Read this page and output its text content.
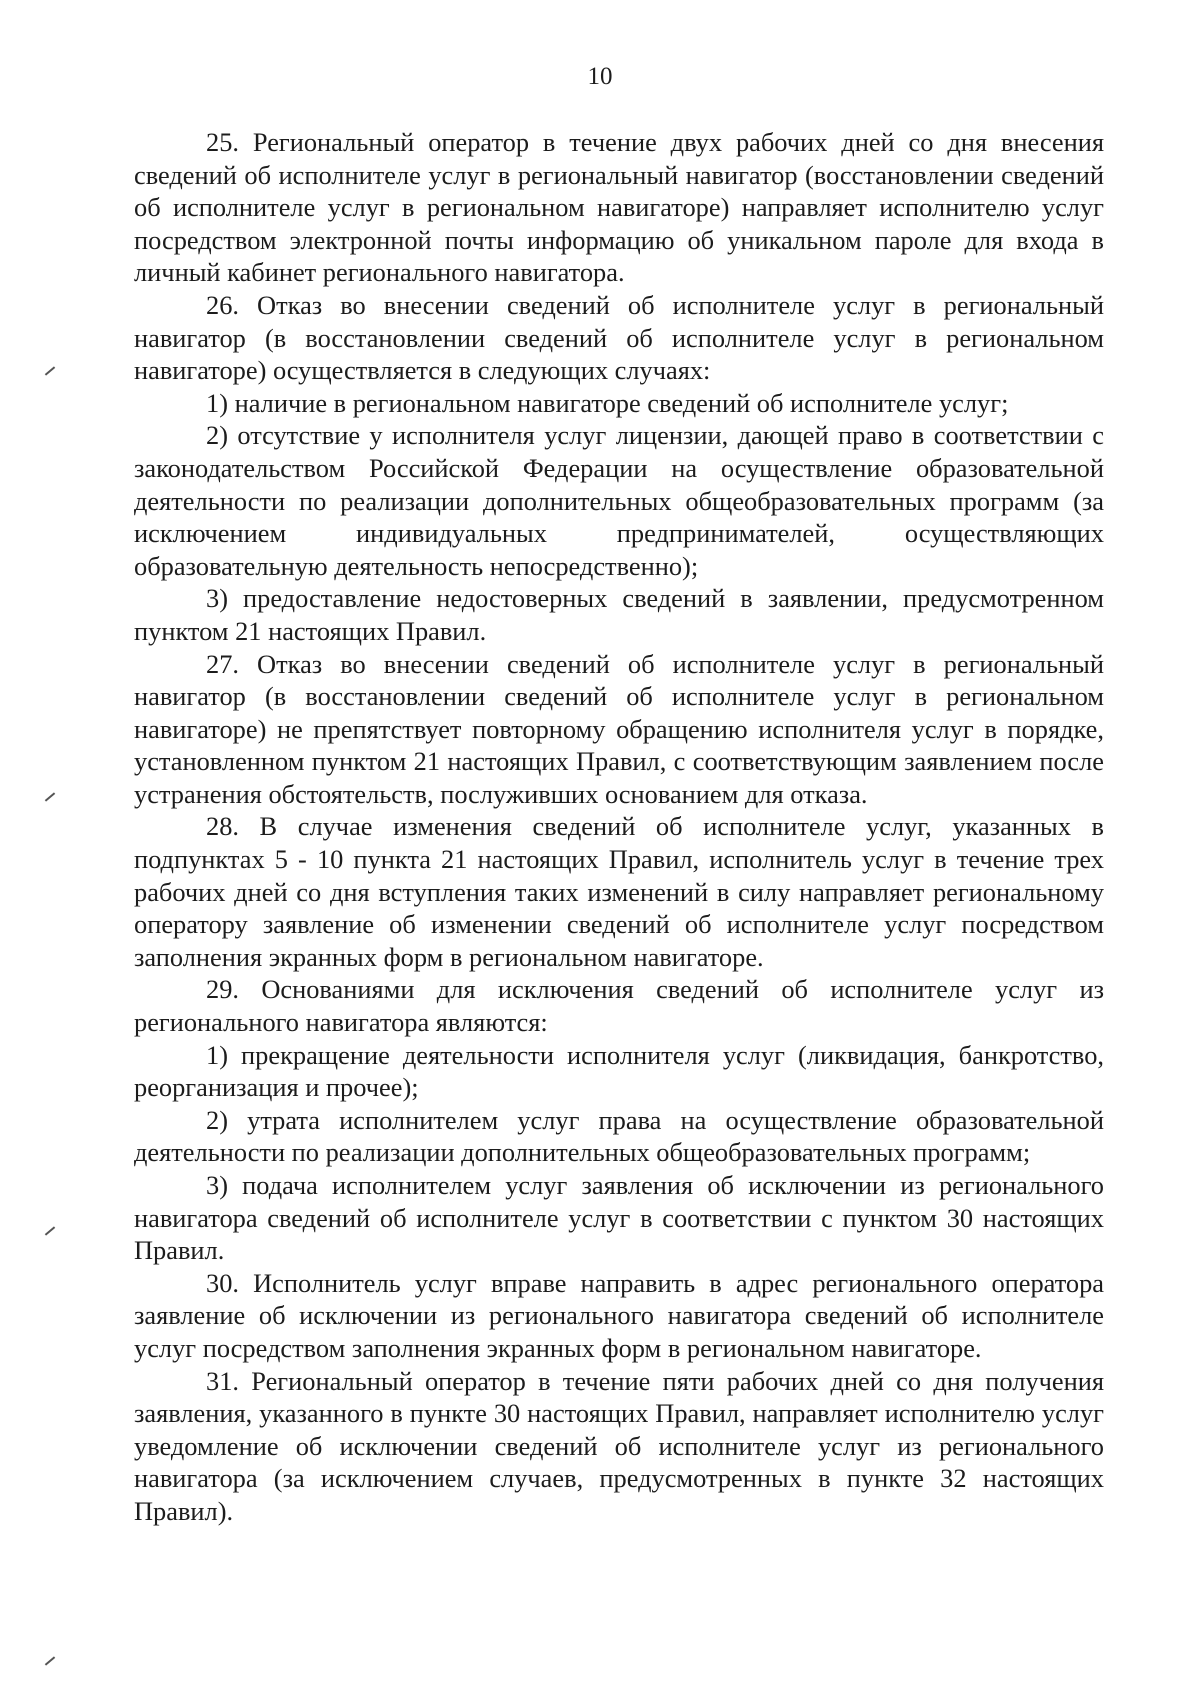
10

25. Региональный оператор в течение двух рабочих дней со дня внесения сведений об исполнителе услуг в региональный навигатор (восстановлении сведений об исполнителе услуг в региональном навигаторе) направляет исполнителю услуг посредством электронной почты информацию об уникальном пароле для входа в личный кабинет регионального навигатора.

26. Отказ во внесении сведений об исполнителе услуг в региональный навигатор (в восстановлении сведений об исполнителе услуг в региональном навигаторе) осуществляется в следующих случаях:

1) наличие в региональном навигаторе сведений об исполнителе услуг;

2) отсутствие у исполнителя услуг лицензии, дающей право в соответствии с законодательством Российской Федерации на осуществление образовательной деятельности по реализации дополнительных общеобразовательных программ (за исключением индивидуальных предпринимателей, осуществляющих образовательную деятельность непосредственно);

3) предоставление недостоверных сведений в заявлении, предусмотренном пунктом 21 настоящих Правил.

27. Отказ во внесении сведений об исполнителе услуг в региональный навигатор (в восстановлении сведений об исполнителе услуг в региональном навигаторе) не препятствует повторному обращению исполнителя услуг в порядке, установленном пунктом 21 настоящих Правил, с соответствующим заявлением после устранения обстоятельств, послуживших основанием для отказа.

28. В случае изменения сведений об исполнителе услуг, указанных в подпунктах 5 - 10 пункта 21 настоящих Правил, исполнитель услуг в течение трех рабочих дней со дня вступления таких изменений в силу направляет региональному оператору заявление об изменении сведений об исполнителе услуг посредством заполнения экранных форм в региональном навигаторе.

29. Основаниями для исключения сведений об исполнителе услуг из регионального навигатора являются:

1) прекращение деятельности исполнителя услуг (ликвидация, банкротство, реорганизация и прочее);

2) утрата исполнителем услуг права на осуществление образовательной деятельности по реализации дополнительных общеобразовательных программ;

3) подача исполнителем услуг заявления об исключении из регионального навигатора сведений об исполнителе услуг в соответствии с пунктом 30 настоящих Правил.

30. Исполнитель услуг вправе направить в адрес регионального оператора заявление об исключении из регионального навигатора сведений об исполнителе услуг посредством заполнения экранных форм в региональном навигаторе.

31. Региональный оператор в течение пяти рабочих дней со дня получения заявления, указанного в пункте 30 настоящих Правил, направляет исполнителю услуг уведомление об исключении сведений об исполнителе услуг из регионального навигатора (за исключением случаев, предусмотренных в пункте 32 настоящих Правил).
